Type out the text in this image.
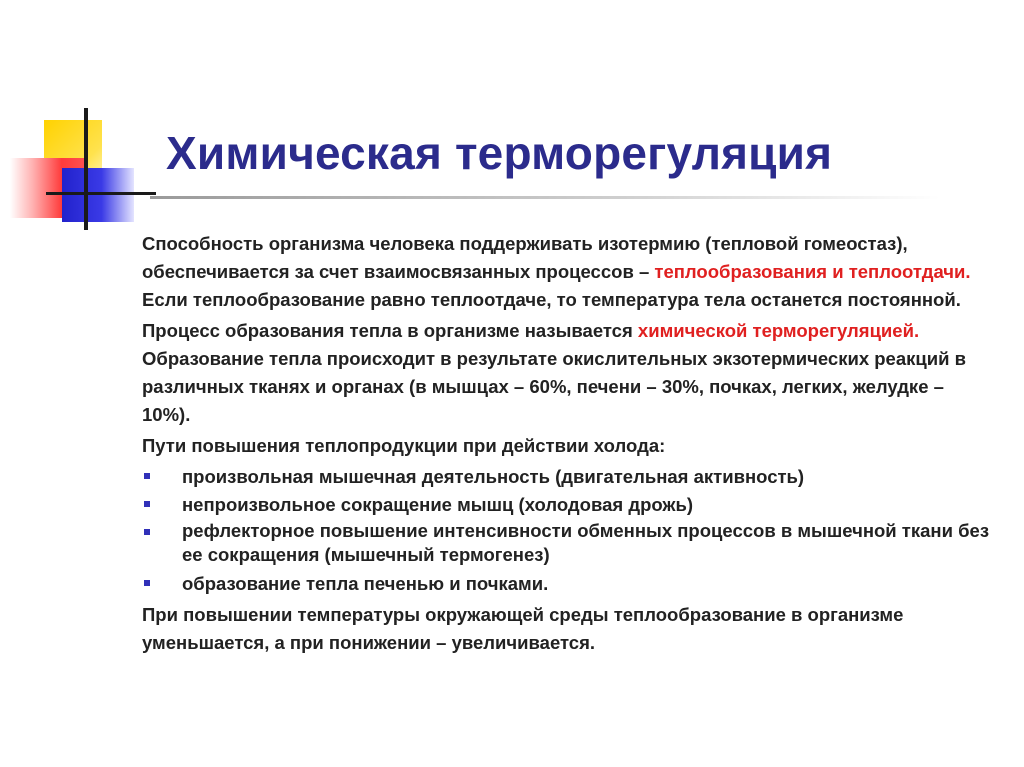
Химическая терморегуляция

Способность организма человека поддерживать изотермию (тепловой гомеостаз), обеспечивается за счет взаимосвязанных процессов – теплообразования и теплоотдачи. Если теплообразование равно теплоотдаче, то температура тела останется постоянной.

Процесс образования тепла в организме называется химической терморегуляцией. Образование тепла происходит в результате окислительных экзотермических реакций в различных тканях и органах (в мышцах – 60%, печени – 30%, почках, легких, желудке – 10%).

Пути повышения теплопродукции при действии холода:

произвольная мышечная деятельность (двигательная активность)
непроизвольное сокращение мышц (холодовая дрожь)
рефлекторное повышение интенсивности обменных процессов в мышечной ткани без ее сокращения (мышечный термогенез)
образование тепла печенью и почками.

При повышении температуры окружающей среды теплообразование в организме уменьшается, а при понижении – увеличивается.
